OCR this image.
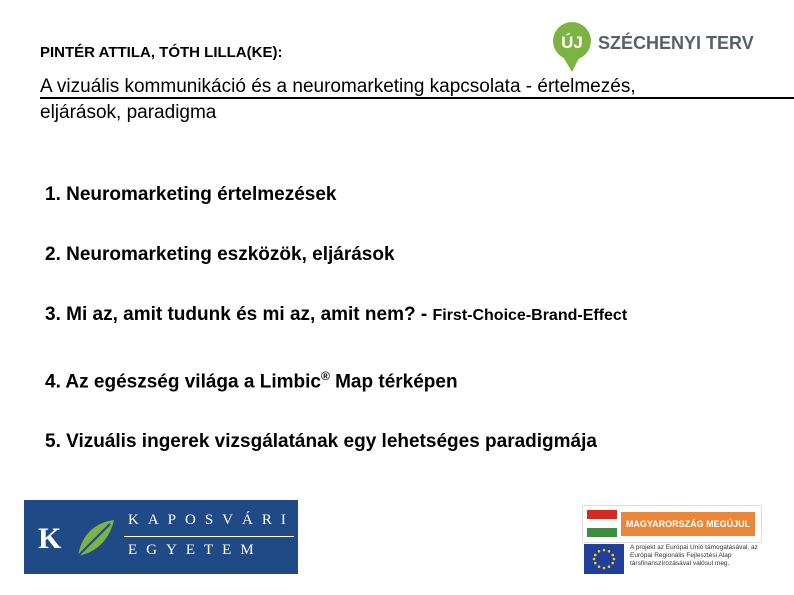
PINTÉR ATTILA, TÓTH LILLA(KE):
ÚJ SZÉCHENYI TERV
A vizuális kommunikáció és a neuromarketing kapcsolata - értelmezés, eljárások, paradigma
1. Neuromarketing értelmezések
2. Neuromarketing eszközök, eljárások
3. Mi az, amit tudunk és mi az, amit nem? - First-Choice-Brand-Effect
4. Az egészség világa a Limbic® Map térképen
5. Vizuális ingerek vizsgálatának egy lehetséges paradigmája
K
KAPOSVÁRI
EGYETEM
MAGYARORSZÁG MEGÚJUL
A projekt az Európai Unió támogatásával, az Európai Regionális Fejlesztési Alap társfinanszírozásával valósul meg.
